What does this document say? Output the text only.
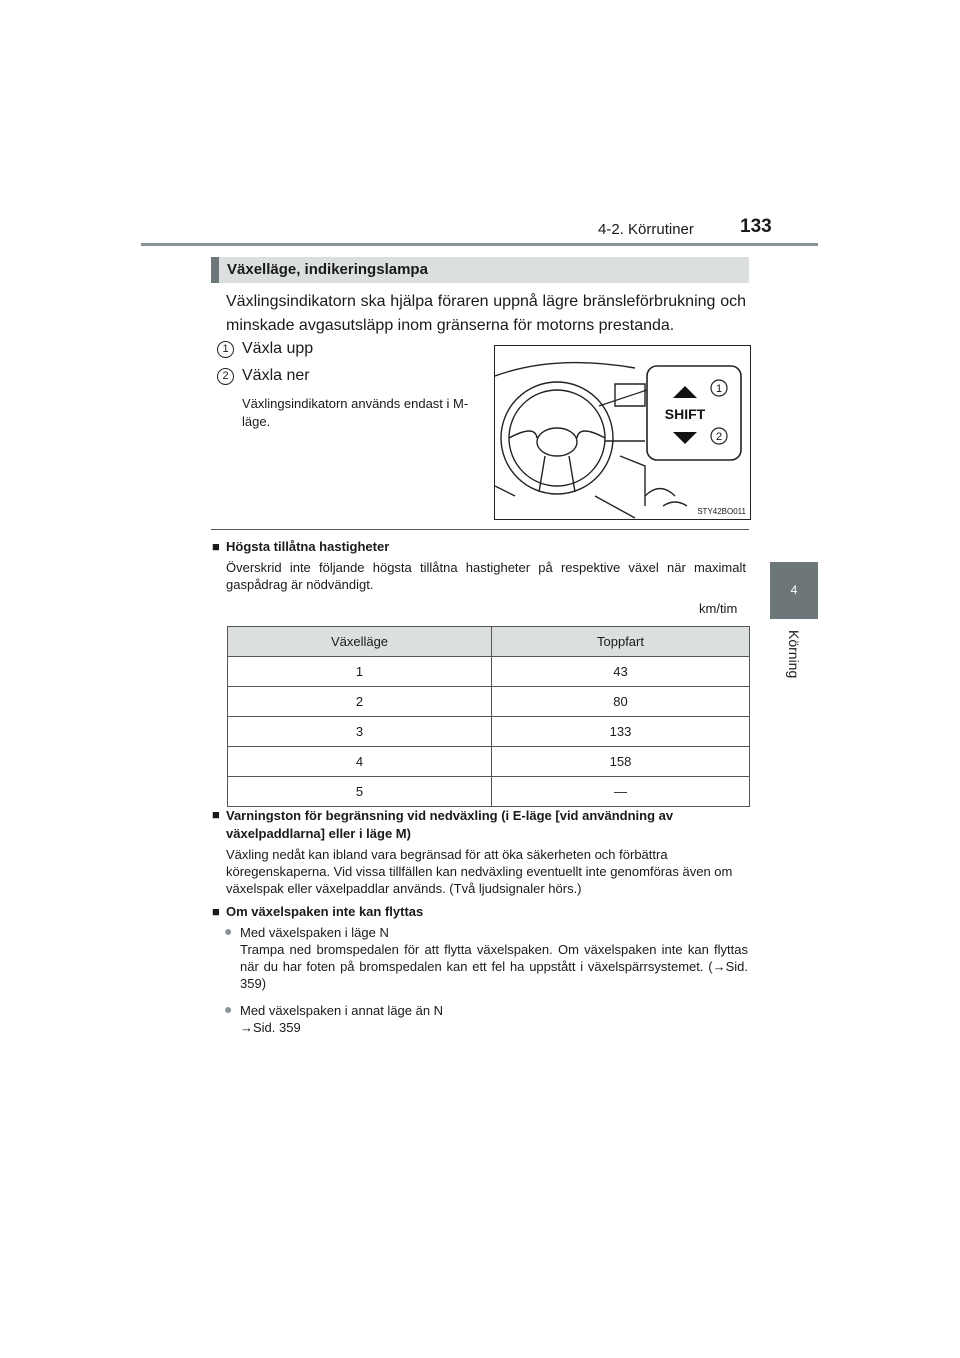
4-2. Körrutiner 133
4
Körning
Växelläge, indikeringslampa
Växlingsindikatorn ska hjälpa föraren uppnå lägre bränsleförbrukning och minskade avgasutsläpp inom gränserna för motorns prestanda.
1 Växla upp
2 Växla ner
Växlingsindikatorn används endast i M-läge.	SHIFT
1
2
STY42BO011
■ Högsta tillåtna hastigheter
Överskrid inte följande högsta tillåtna hastigheter på respektive växel när maximalt gaspådrag är nödvändigt.
km/tim
Växelläge	Toppfart
1	43
2	80
3	133
4	158
5	—
■ Varningston för begränsning vid nedväxling (i E-läge [vid användning av växelpaddlarna] eller i läge M)
Växling nedåt kan ibland vara begränsad för att öka säkerheten och förbättra köregenskaperna. Vid vissa tillfällen kan nedväxling eventuellt inte genomföras även om växelspak eller växelpaddlar används. (Två ljudsignaler hörs.)
■ Om växelspaken inte kan flyttas
● Med växelspaken i läge N
Trampa ned bromspedalen för att flytta växelspaken. Om växelspaken inte kan flyttas när du har foten på bromspedalen kan ett fel ha uppstått i växelspärrsystemet. (→Sid. 359)
● Med växelspaken i annat läge än N
→Sid. 359
